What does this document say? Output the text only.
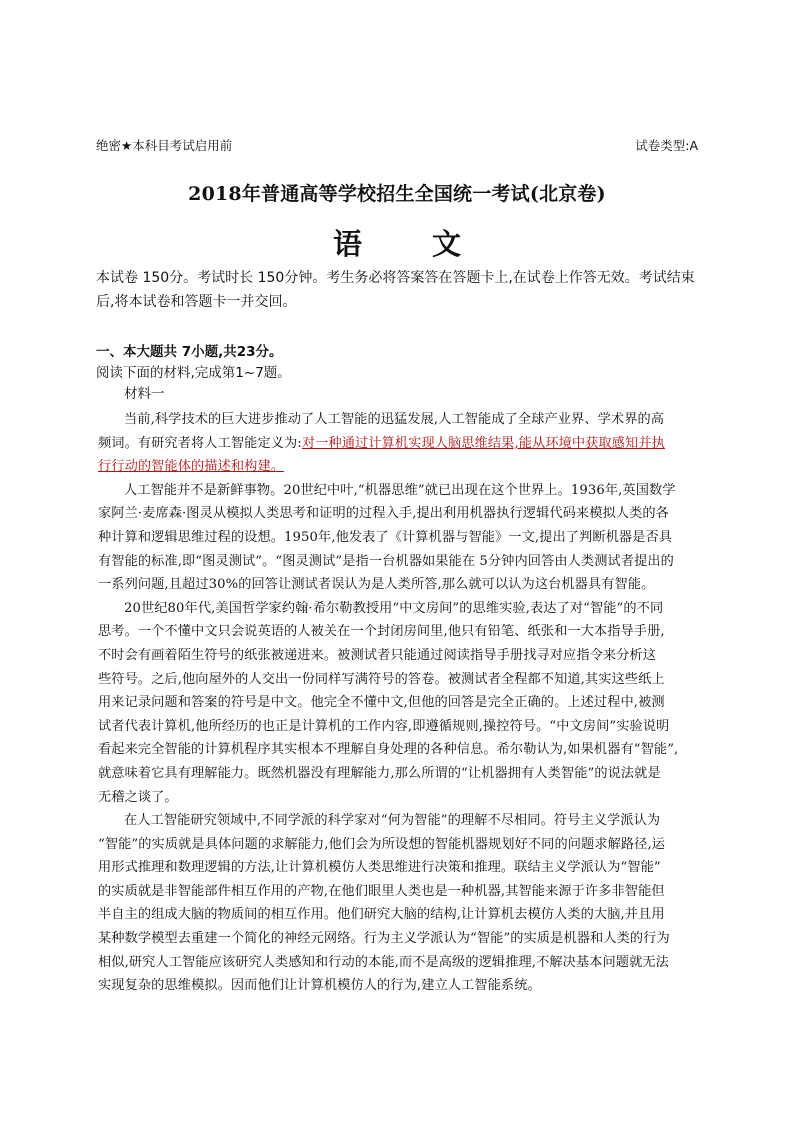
绝密★本科目考试启用前	试卷类型:A
2018年普通高等学校招生全国统一考试(北京卷)
语 文
本试卷 150分。考试时长 150分钟。考生务必将答案答在答题卡上,在试卷上作答无效。考试结束
后,将本试卷和答题卡一并交回。
一、本大题共 7小题,共23分。
阅读下面的材料,完成第1~7题。
材料一
当前,科学技术的巨大进步推动了人工智能的迅猛发展,人工智能成了全球产业界、学术界的高
频词。有研究者将人工智能定义为:对一种通过计算机实现人脑思维结果,能从环境中获取感知并执
行行动的智能体的描述和构建。
人工智能并不是新鲜事物。20世纪中叶,“机器思维”就已出现在这个世界上。1936年,英国数学
家阿兰·麦席森·图灵从模拟人类思考和证明的过程入手,提出利用机器执行逻辑代码来模拟人类的各
种计算和逻辑思维过程的设想。1950年,他发表了《计算机器与智能》一文,提出了判断机器是否具
有智能的标准,即“图灵测试”。“图灵测试”是指一台机器如果能在 5分钟内回答由人类测试者提出的
一系列问题,且超过30%的回答让测试者误认为是人类所答,那么就可以认为这台机器具有智能。
20世纪80年代,美国哲学家约翰·希尔勒教授用“中文房间”的思维实验,表达了对“智能”的不同
思考。一个不懂中文只会说英语的人被关在一个封闭房间里,他只有铅笔、纸张和一大本指导手册,
不时会有画着陌生符号的纸张被递进来。被测试者只能通过阅读指导手册找寻对应指令来分析这
些符号。之后,他向屋外的人交出一份同样写满符号的答卷。被测试者全程都不知道,其实这些纸上
用来记录问题和答案的符号是中文。他完全不懂中文,但他的回答是完全正确的。上述过程中,被测
试者代表计算机,他所经历的也正是计算机的工作内容,即遵循规则,操控符号。“中文房间”实验说明
看起来完全智能的计算机程序其实根本不理解自身处理的各种信息。希尔勒认为,如果机器有“智能”,
就意味着它具有理解能力。既然机器没有理解能力,那么所谓的“让机器拥有人类智能”的说法就是
无稽之谈了。
在人工智能研究领域中,不同学派的科学家对“何为智能”的理解不尽相同。符号主义学派认为
“智能”的实质就是具体问题的求解能力,他们会为所设想的智能机器规划好不同的问题求解路径,运
用形式推理和数理逻辑的方法,让计算机模仿人类思维进行决策和推理。联结主义学派认为“智能”
的实质就是非智能部件相互作用的产物,在他们眼里人类也是一种机器,其智能来源于许多非智能但
半自主的组成大脑的物质间的相互作用。他们研究大脑的结构,让计算机去模仿人类的大脑,并且用
某种数学模型去重建一个简化的神经元网络。行为主义学派认为“智能”的实质是机器和人类的行为
相似,研究人工智能应该研究人类感知和行动的本能,而不是高级的逻辑推理,不解决基本问题就无法
实现复杂的思维模拟。因而他们让计算机模仿人的行为,建立人工智能系统。
